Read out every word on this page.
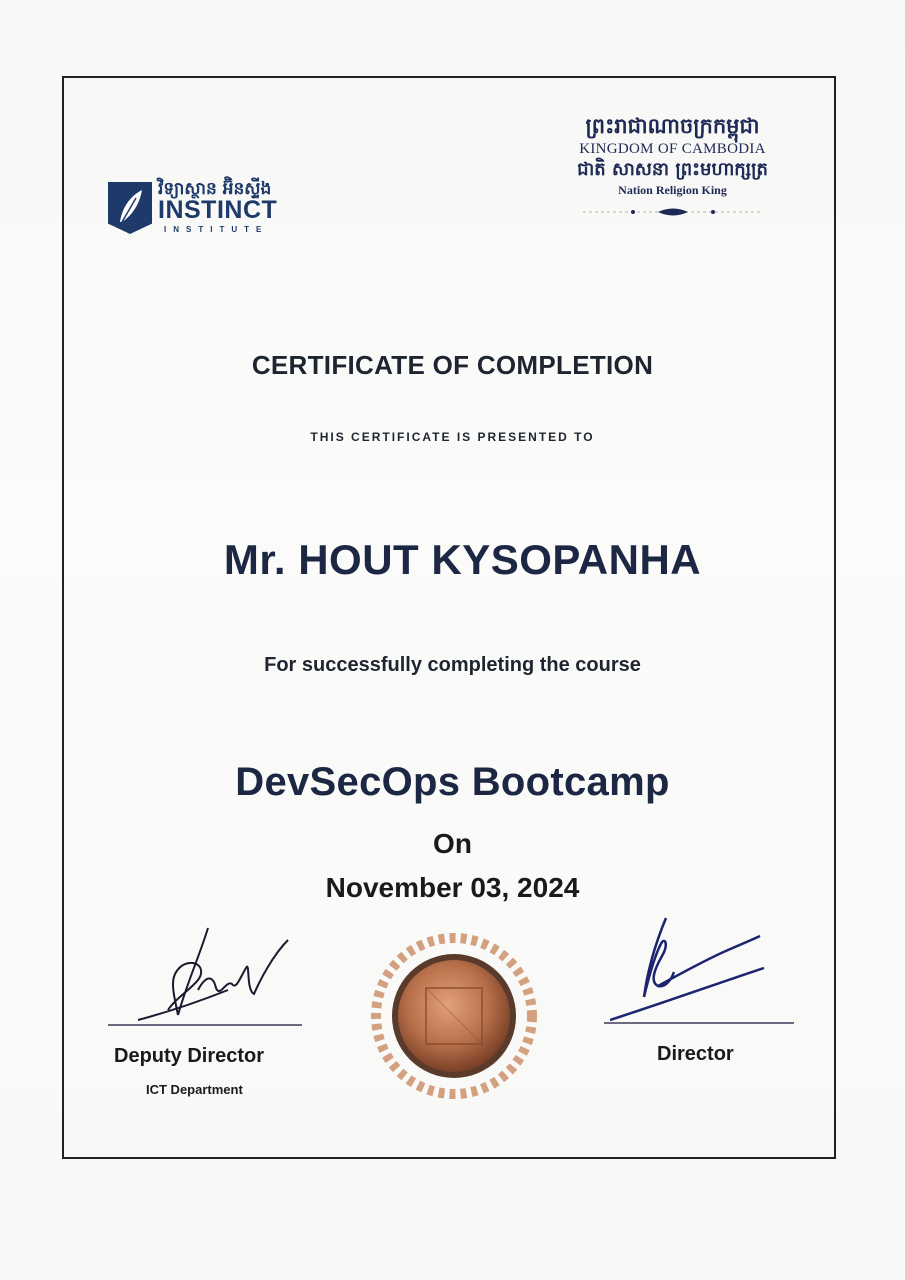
វិទ្យាស្ថាន អ៊ិនស្ទីង
INSTINCT
INSTITUTE
ព្រះរាជាណាចក្រកម្ពុជា
KINGDOM OF CAMBODIA
ជាតិ សាសនា ព្រះមហាក្សត្រ
Nation Religion King
CERTIFICATE OF COMPLETION
THIS CERTIFICATE IS PRESENTED TO
Mr. HOUT KYSOPANHA
For successfully completing the course
DevSecOps Bootcamp
On
November 03, 2024
Deputy Director
ICT Department
Director
